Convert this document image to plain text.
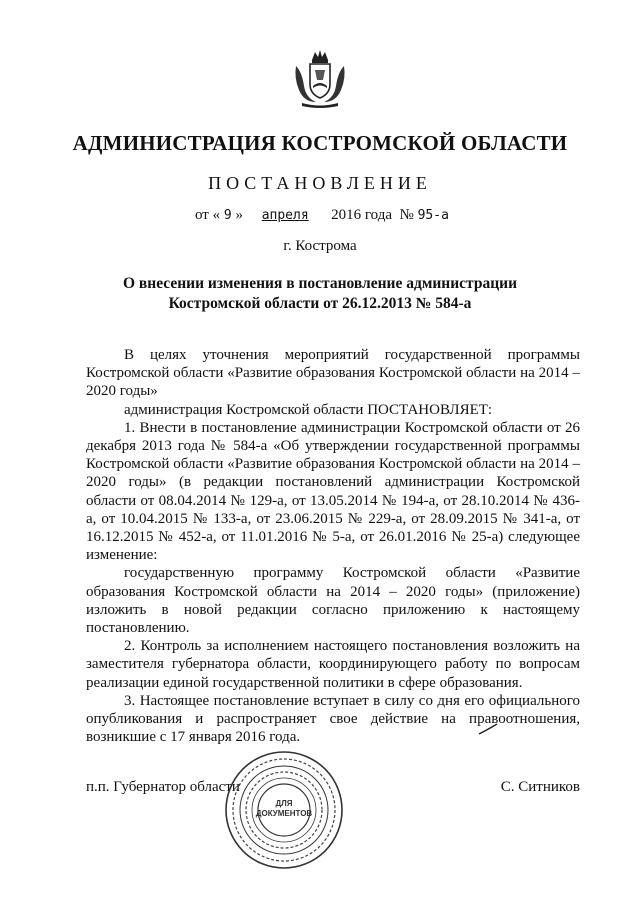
АДМИНИСТРАЦИЯ КОСТРОМСКОЙ ОБЛАСТИ
ПОСТАНОВЛЕНИЕ
от « 9 » апреля 2016 года  № 95-а
г. Кострома
О внесении изменения в постановление администрации
Костромской области от 26.12.2013 № 584-а

В целях уточнения мероприятий государственной программы Костромской области «Развитие образования Костромской области на 2014 – 2020 годы»

администрация Костромской области ПОСТАНОВЛЯЕТ:

1. Внести в постановление администрации Костромской области от 26 декабря 2013 года № 584-а «Об утверждении государственной программы Костромской области «Развитие образования Костромской области на 2014 – 2020 годы» (в редакции постановлений администрации Костромской области от 08.04.2014 № 129-а, от 13.05.2014 № 194-а, от 28.10.2014 № 436-а, от 10.04.2015 № 133-а, от 23.06.2015 № 229-а, от 28.09.2015 № 341-а, от 16.12.2015 № 452-а, от 11.01.2016 № 5-а, от 26.01.2016 № 25-а) следующее изменение:

государственную программу Костромской области «Развитие образования Костромской области на 2014 – 2020 годы» (приложение) изложить в новой редакции согласно приложению к настоящему постановлению.

2. Контроль за исполнением настоящего постановления возложить на заместителя губернатора области, координирующего работу по вопросам реализации единой государственной политики в сфере образования.

3. Настоящее постановление вступает в силу со дня его официального опубликования и распространяет свое действие на правоотношения, возникшие с 17 января 2016 года.

п.п. Губернатор области	С. Ситников
ДЛЯ
ДОКУМЕНТОВ
